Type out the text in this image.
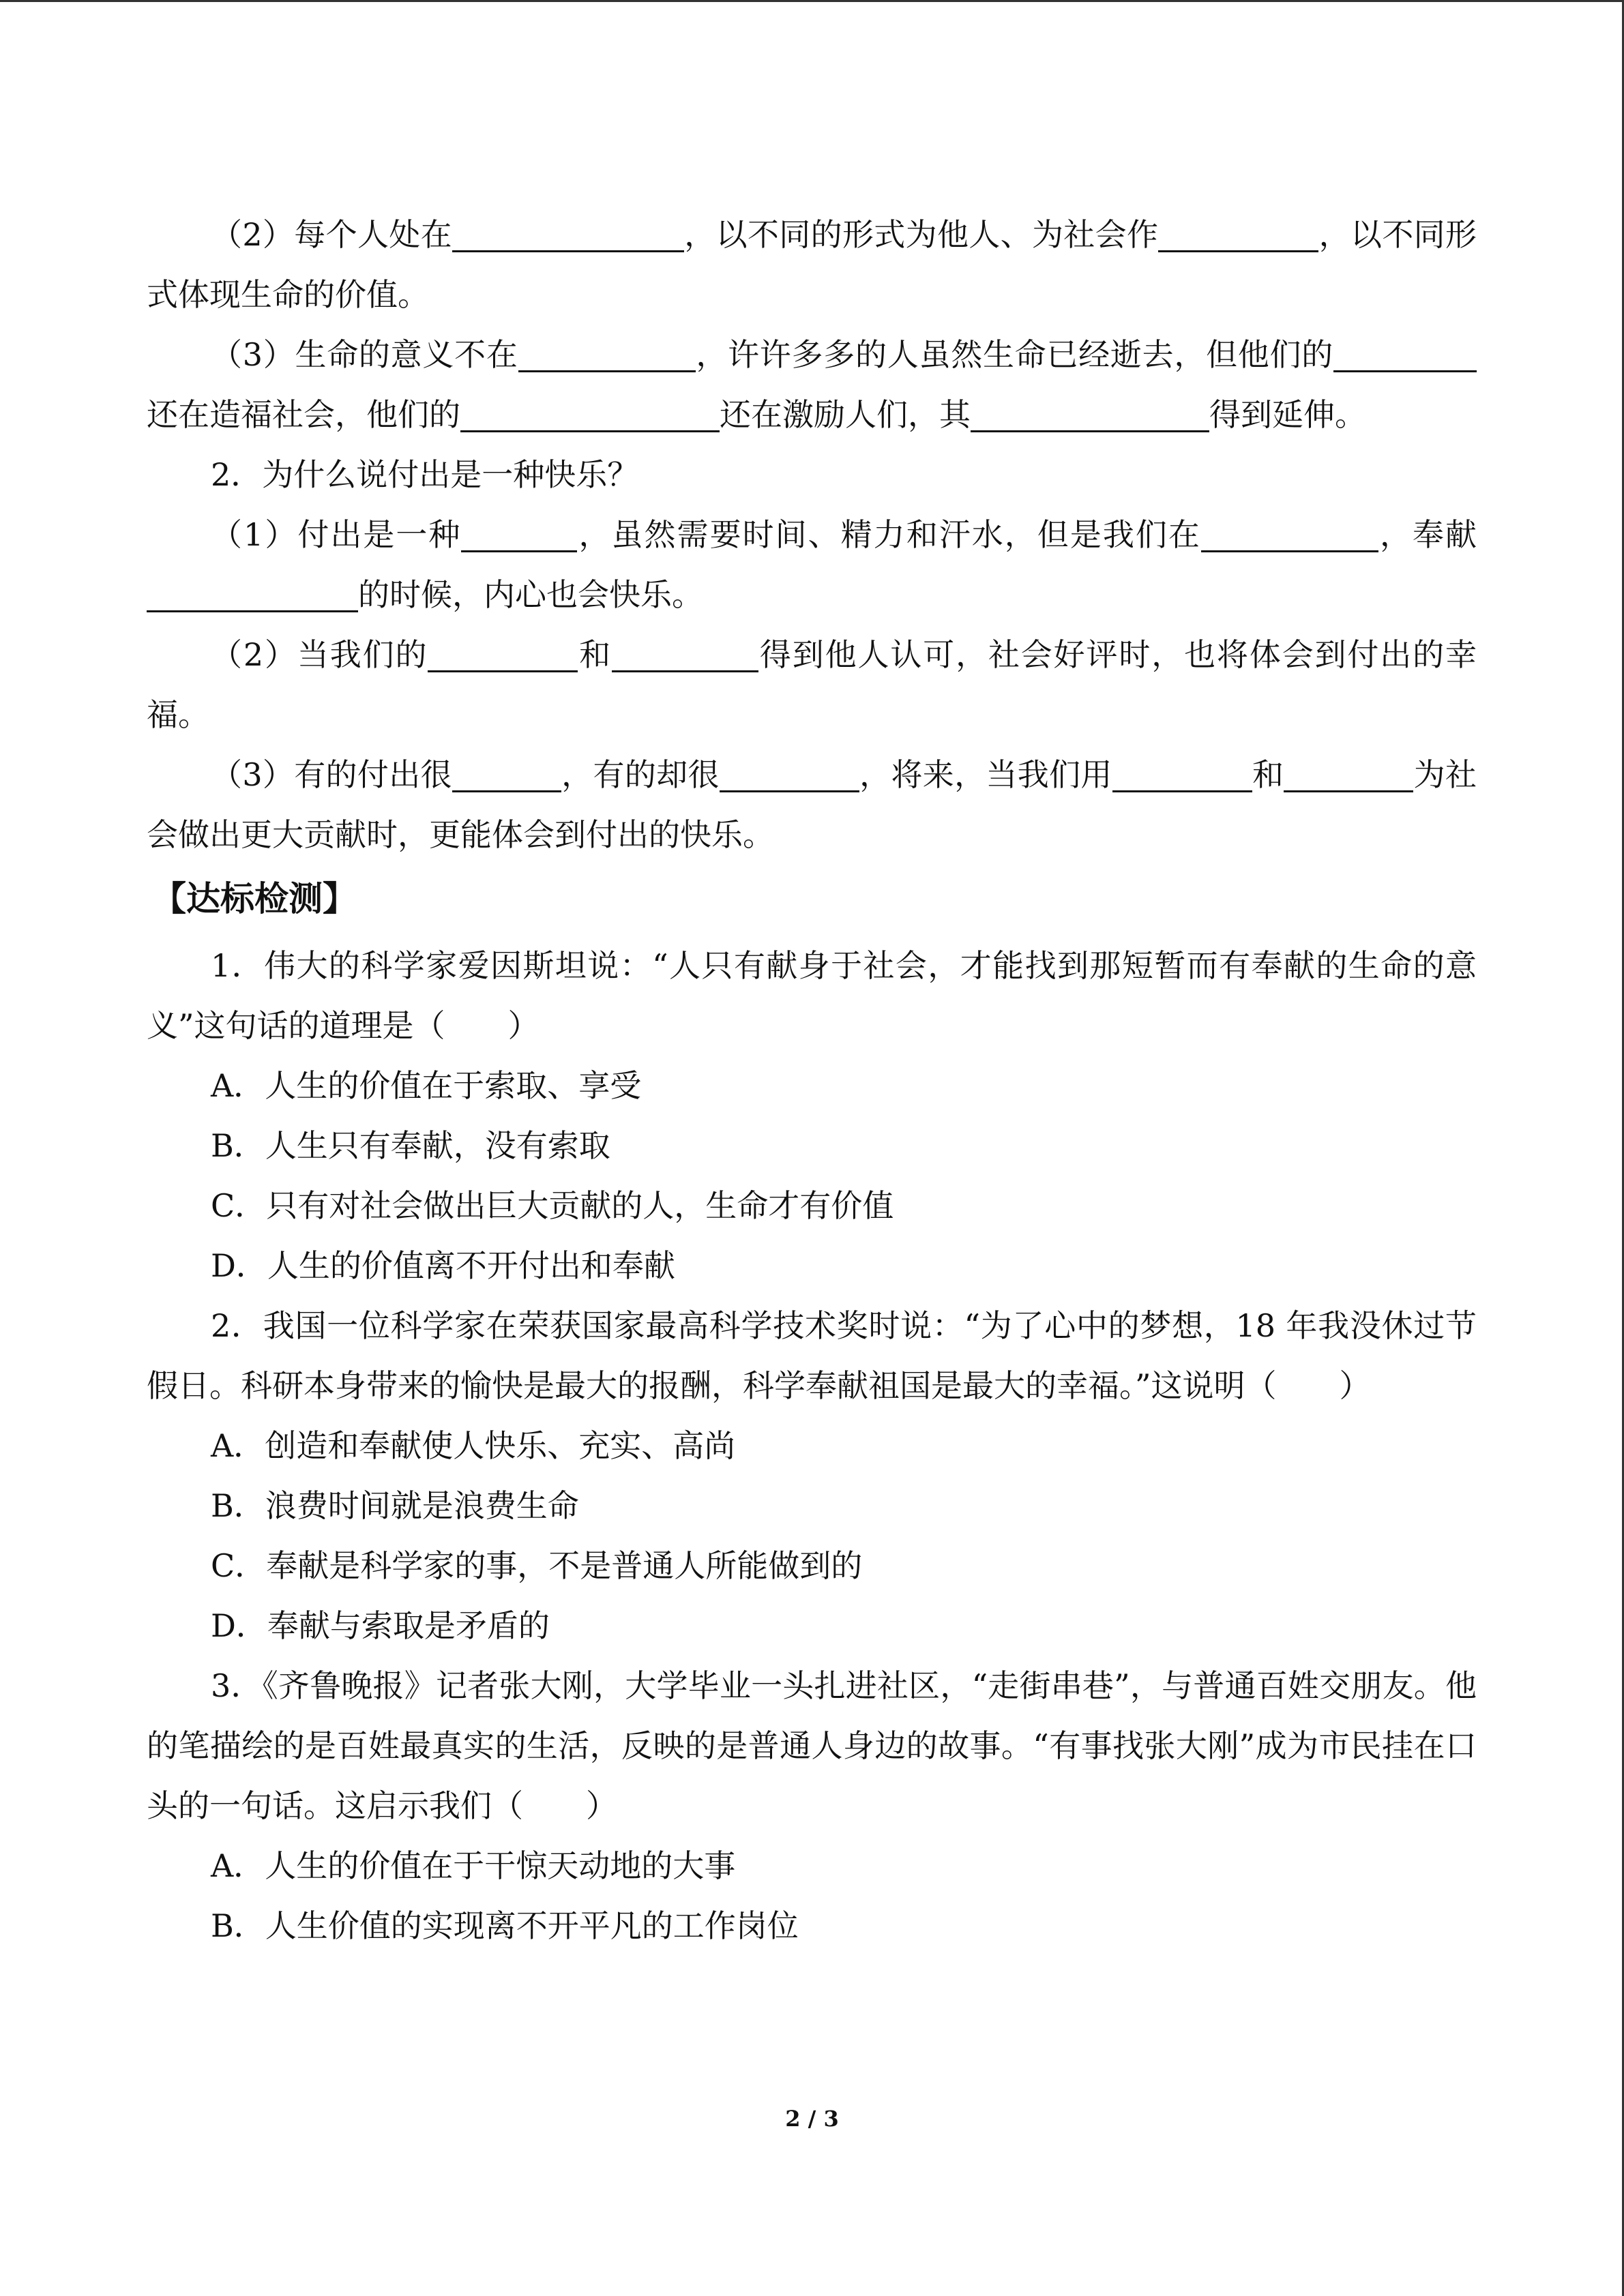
（2）每个人处在	，以不同的形式为他人、为社会作	，以不同形式体现生命的价值。

（3）生命的意义不在	，许许多多的人虽然生命已经逝去，但他们的还在造福社会，他们的	还在激励人们，其	得到延伸。

2．为什么说付出是一种快乐？

（1）付出是一种	，虽然需要时间、精力和汗水，但是我们在	，奉献的时候，内心也会快乐。

（2）当我们的	和	得到他人认可，社会好评时，也将体会到付出的幸福。

（3）有的付出很	，有的却很	，将来，当我们用	和	为社会做出更大贡献时，更能体会到付出的快乐。

【达标检测】

1．伟大的科学家爱因斯坦说：“人只有献身于社会，才能找到那短暂而有奉献的生命的意义”这句话的道理是（　　）

A．人生的价值在于索取、享受

B．人生只有奉献，没有索取

C．只有对社会做出巨大贡献的人，生命才有价值

D．人生的价值离不开付出和奉献

2．我国一位科学家在荣获国家最高科学技术奖时说：“为了心中的梦想，18 年我没休过节假日。科研本身带来的愉快是最大的报酬，科学奉献祖国是最大的幸福。”这说明（　　）

A．创造和奉献使人快乐、充实、高尚

B．浪费时间就是浪费生命

C．奉献是科学家的事，不是普通人所能做到的

D．奉献与索取是矛盾的

3．《齐鲁晚报》记者张大刚，大学毕业一头扎进社区，“走街串巷”，与普通百姓交朋友。他的笔描绘的是百姓最真实的生活，反映的是普通人身边的故事。“有事找张大刚”成为市民挂在口头的一句话。这启示我们（　　）

A．人生的价值在于干惊天动地的大事

B．人生价值的实现离不开平凡的工作岗位

2 / 3
